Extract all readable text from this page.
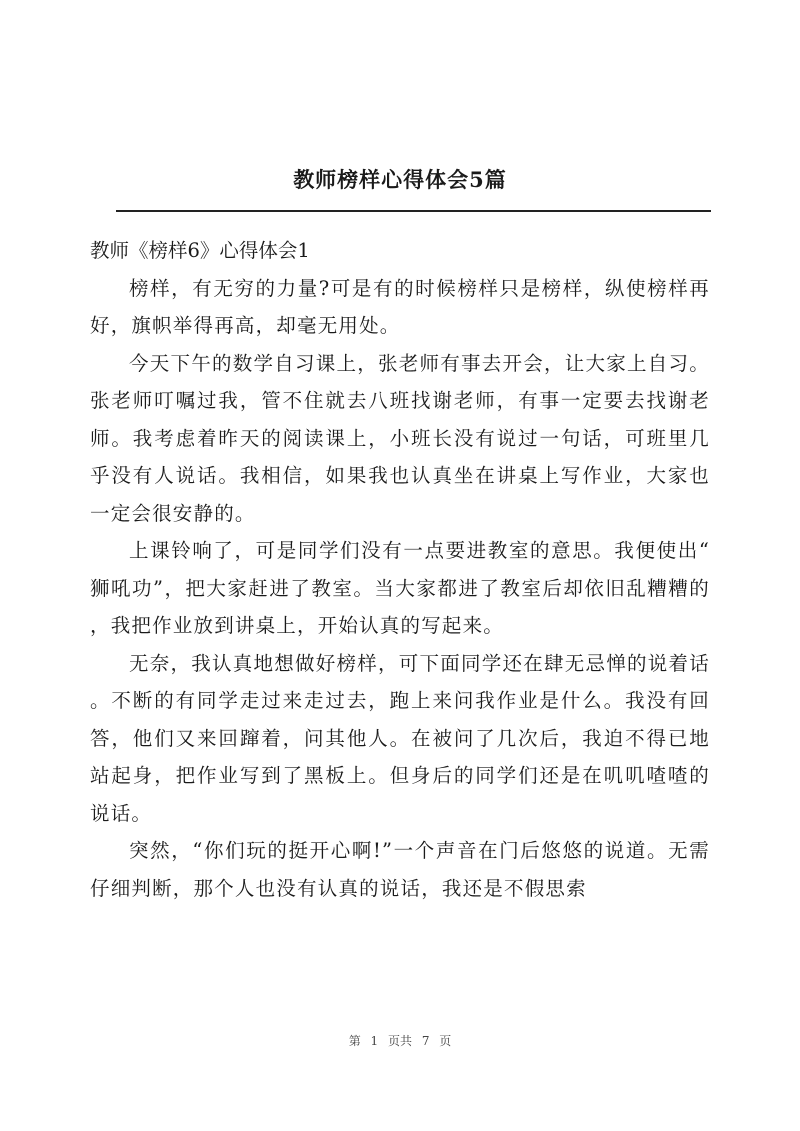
教师榜样心得体会5篇

教师《榜样6》心得体会1

榜样，有无穷的力量?可是有的时候榜样只是榜样，纵使榜样再好，旗帜举得再高，却毫无用处。

今天下午的数学自习课上，张老师有事去开会，让大家上自习。张老师叮嘱过我，管不住就去八班找谢老师，有事一定要去找谢老师。我考虑着昨天的阅读课上，小班长没有说过一句话，可班里几乎没有人说话。我相信，如果我也认真坐在讲桌上写作业，大家也一定会很安静的。

上课铃响了，可是同学们没有一点要进教室的意思。我便使出“狮吼功”，把大家赶进了教室。当大家都进了教室后却依旧乱糟糟的，我把作业放到讲桌上，开始认真的写起来。

无奈，我认真地想做好榜样，可下面同学还在肆无忌惮的说着话。不断的有同学走过来走过去，跑上来问我作业是什么。我没有回答，他们又来回蹿着，问其他人。在被问了几次后，我迫不得已地站起身，把作业写到了黑板上。但身后的同学们还是在叽叽喳喳的说话。

突然，“你们玩的挺开心啊!”一个声音在门后悠悠的说道。无需仔细判断，那个人也没有认真的说话，我还是不假思索

第 1 页共 7 页
